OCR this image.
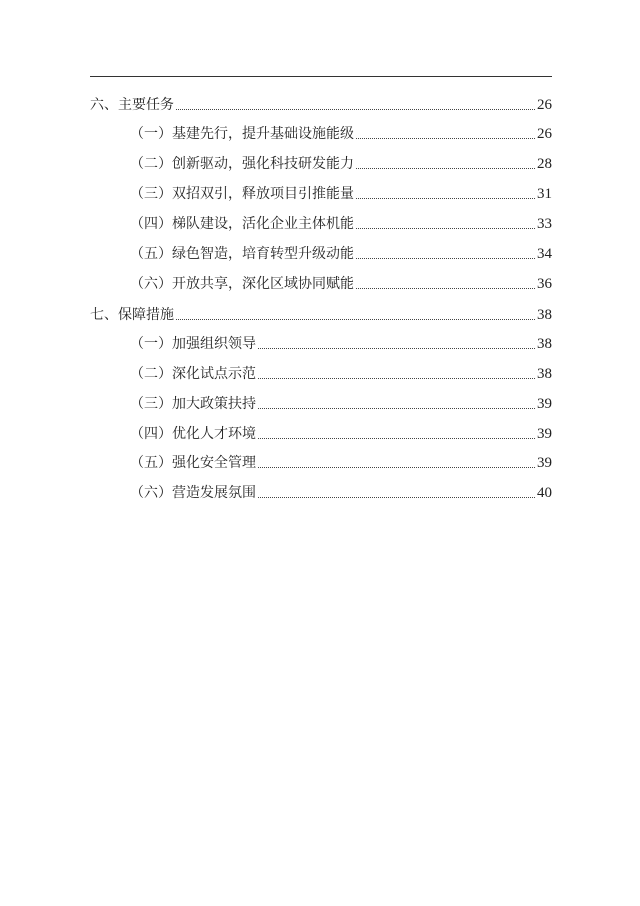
六、主要任务	26
（一）基建先行，提升基础设施能级	26
（二）创新驱动，强化科技研发能力	28
（三）双招双引，释放项目引推能量	31
（四）梯队建设，活化企业主体机能	33
（五）绿色智造，培育转型升级动能	34
（六）开放共享，深化区域协同赋能	36
七、保障措施	38
（一）加强组织领导	38
（二）深化试点示范	38
（三）加大政策扶持	39
（四）优化人才环境	39
（五）强化安全管理	39
（六）营造发展氛围	40
